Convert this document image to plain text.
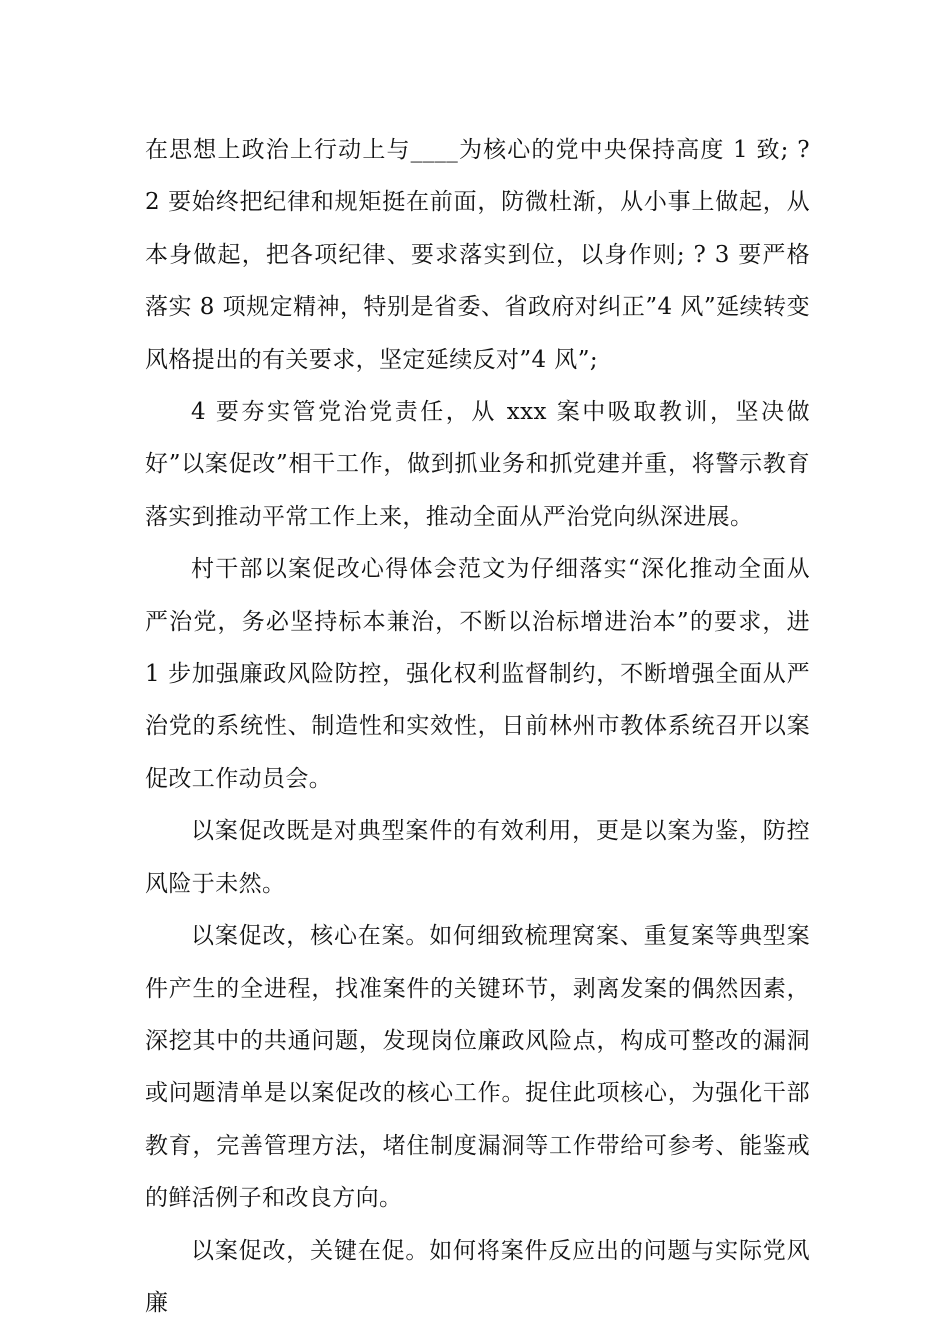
在思想上政治上行动上与____为核心的党中央保持高度 1 致; ? 2 要始终把纪律和规矩挺在前面，防微杜渐，从小事上做起，从本身做起，把各项纪律、要求落实到位，以身作则; ? 3 要严格落实 8 项规定精神，特别是省委、省政府对纠正”4 风”延续转变风格提出的有关要求，坚定延续反对”4 风”;

4 要夯实管党治党责任，从 xxx 案中吸取教训，坚决做好”以案促改”相干工作，做到抓业务和抓党建并重，将警示教育落实到推动平常工作上来，推动全面从严治党向纵深进展。

村干部以案促改心得体会范文为仔细落实“深化推动全面从严治党，务必坚持标本兼治，不断以治标增进治本”的要求，进 1 步加强廉政风险防控，强化权利监督制约，不断增强全面从严治党的系统性、制造性和实效性，日前林州市教体系统召开以案促改工作动员会。

以案促改既是对典型案件的有效利用，更是以案为鉴，防控风险于未然。

以案促改，核心在案。如何细致梳理窝案、重复案等典型案件产生的全进程，找准案件的关键环节，剥离发案的偶然因素，深挖其中的共通问题，发现岗位廉政风险点，构成可整改的漏洞或问题清单是以案促改的核心工作。捉住此项核心，为强化干部教育，完善管理方法，堵住制度漏洞等工作带给可参考、能鉴戒的鲜活例子和改良方向。

以案促改，关键在促。如何将案件反应出的问题与实际党风廉
